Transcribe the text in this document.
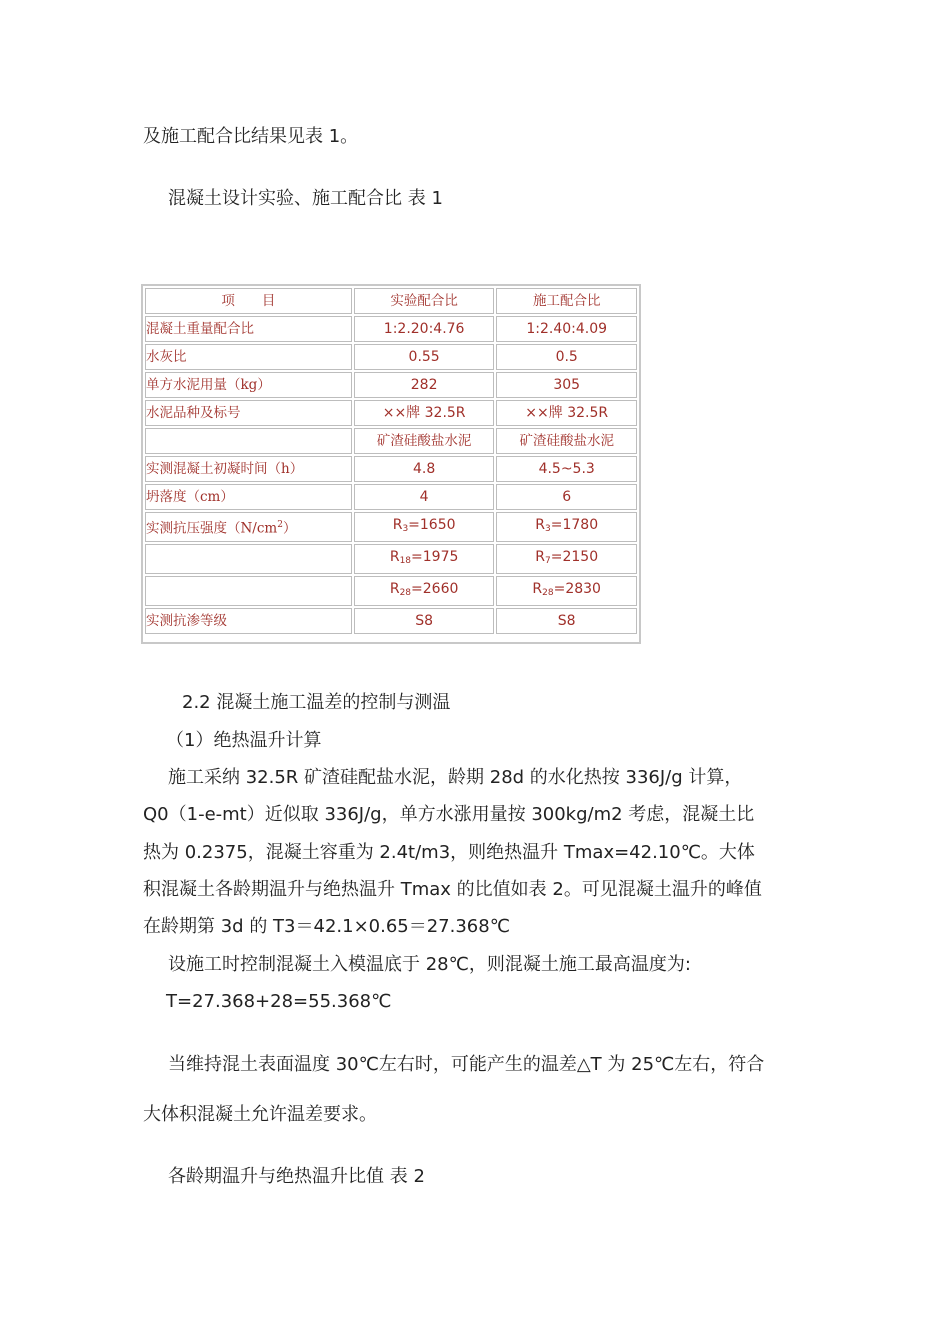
及施工配合比结果见表 1。

混凝土设计实验、施工配合比 表 1

项　　目	实验配合比	施工配合比
混凝土重量配合比	1:2.20:4.76	1:2.40:4.09
水灰比	0.55	0.5
单方水泥用量（kg）	282	305
水泥品种及标号	××牌 32.5R	××牌 32.5R
	矿渣硅酸盐水泥	矿渣硅酸盐水泥
实测混凝土初凝时间（h）	4.8	4.5~5.3
坍落度（cm）	4	6
实测抗压强度$(N/cm^2)$	$R_3=1650$	$R_3=1780$
	$R_{18}=1975$	$R_7=2150$
	$R_{28}=2660$	$R_{28}=2830$
实测抗渗等级	S8	S8

2.2 混凝土施工温差的控制与测温

（1）绝热温升计算

施工采纳 32.5R 矿渣硅配盐水泥，龄期 28d 的水化热按 336J/g 计算，

Q0（1-e-mt）近似取 336J/g，单方水涨用量按 300kg/m2 考虑，混凝土比

热为 0.2375，混凝土容重为 2.4t/m3，则绝热温升 Tmax=42.10℃。大体

积混凝土各龄期温升与绝热温升 Tmax 的比值如表 2。可见混凝土温升的峰值

在龄期第 3d 的 T3＝42.1×0.65＝27.368℃

设施工时控制混凝土入模温底于 28℃，则混凝土施工最高温度为:

T=27.368+28=55.368℃

当维持混土表面温度 30℃左右时，可能产生的温差△T 为 25℃左右，符合

大体积混凝土允许温差要求。

各龄期温升与绝热温升比值 表 2
